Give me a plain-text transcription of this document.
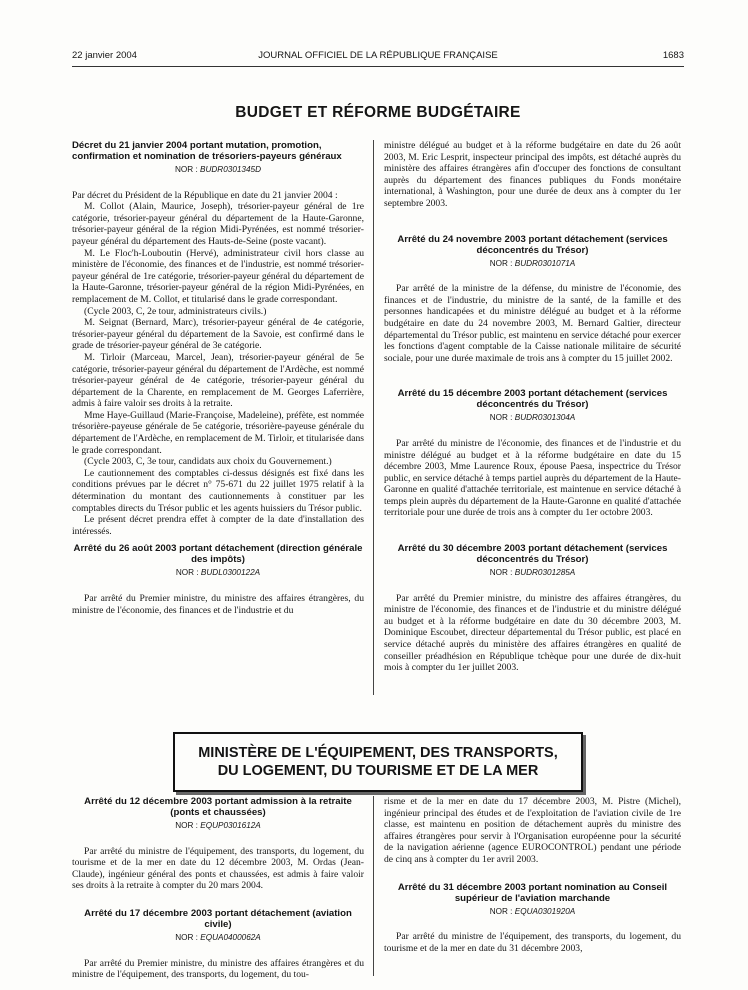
22 janvier 2004	JOURNAL OFFICIEL DE LA RÉPUBLIQUE FRANÇAISE	1683
BUDGET ET RÉFORME BUDGÉTAIRE
Décret du 21 janvier 2004 portant mutation, promotion, confirmation et nomination de trésoriers-payeurs généraux
NOR : BUDR0301345D

Par décret du Président de la République en date du 21 janvier 2004 :

M. Collot (Alain, Maurice, Joseph), trésorier-payeur général de 1re catégorie, trésorier-payeur général du département de la Haute-Garonne, trésorier-payeur général de la région Midi-Pyrénées, est nommé trésorier-payeur général du département des Hauts-de-Seine (poste vacant).

M. Le Floc'h-Louboutin (Hervé), administrateur civil hors classe au ministère de l'économie, des finances et de l'industrie, est nommé trésorier-payeur général de 1re catégorie, trésorier-payeur général du département de la Haute-Garonne, trésorier-payeur général de la région Midi-Pyrénées, en remplacement de M. Collot, et titularisé dans le grade correspondant.

(Cycle 2003, C, 2e tour, administrateurs civils.)

M. Seignat (Bernard, Marc), trésorier-payeur général de 4e catégorie, trésorier-payeur général du département de la Savoie, est confirmé dans le grade de trésorier-payeur général de 3e catégorie.

M. Tirloir (Marceau, Marcel, Jean), trésorier-payeur général de 5e catégorie, trésorier-payeur général du département de l'Ardèche, est nommé trésorier-payeur général de 4e catégorie, trésorier-payeur général du département de la Charente, en remplacement de M. Georges Laferrière, admis à faire valoir ses droits à la retraite.

Mme Haye-Guillaud (Marie-Françoise, Madeleine), préfète, est nommée trésorière-payeuse générale de 5e catégorie, trésorière-payeuse générale du département de l'Ardèche, en remplacement de M. Tirloir, et titularisée dans le grade correspondant.

(Cycle 2003, C, 3e tour, candidats aux choix du Gouvernement.)

Le cautionnement des comptables ci-dessus désignés est fixé dans les conditions prévues par le décret n° 75-671 du 22 juillet 1975 relatif à la détermination du montant des cautionnements à constituer par les comptables directs du Trésor public et les agents huissiers du Trésor public.

Le présent décret prendra effet à compter de la date d'installation des intéressés.

Arrêté du 26 août 2003 portant détachement (direction générale des impôts)
NOR : BUDL0300122A

Par arrêté du Premier ministre, du ministre des affaires étrangères, du ministre de l'économie, des finances et de l'industrie et du

ministre délégué au budget et à la réforme budgétaire en date du 26 août 2003, M. Eric Lesprit, inspecteur principal des impôts, est détaché auprès du ministère des affaires étrangères afin d'occuper des fonctions de consultant auprès du département des finances publiques du Fonds monétaire international, à Washington, pour une durée de deux ans à compter du 1er septembre 2003.

Arrêté du 24 novembre 2003 portant détachement (services déconcentrés du Trésor)
NOR : BUDR0301071A

Par arrêté de la ministre de la défense, du ministre de l'économie, des finances et de l'industrie, du ministre de la santé, de la famille et des personnes handicapées et du ministre délégué au budget et à la réforme budgétaire en date du 24 novembre 2003, M. Bernard Galtier, directeur départemental du Trésor public, est maintenu en service détaché pour exercer les fonctions d'agent comptable de la Caisse nationale militaire de sécurité sociale, pour une durée maximale de trois ans à compter du 15 juillet 2002.

Arrêté du 15 décembre 2003 portant détachement (services déconcentrés du Trésor)
NOR : BUDR0301304A

Par arrêté du ministre de l'économie, des finances et de l'industrie et du ministre délégué au budget et à la réforme budgétaire en date du 15 décembre 2003, Mme Laurence Roux, épouse Paesa, inspectrice du Trésor public, en service détaché à temps partiel auprès du département de la Haute-Garonne en qualité d'attachée territoriale, est maintenue en service détaché à temps plein auprès du département de la Haute-Garonne en qualité d'attachée territoriale pour une durée de trois ans à compter du 1er octobre 2003.

Arrêté du 30 décembre 2003 portant détachement (services déconcentrés du Trésor)
NOR : BUDR0301285A

Par arrêté du Premier ministre, du ministre des affaires étrangères, du ministre de l'économie, des finances et de l'industrie et du ministre délégué au budget et à la réforme budgétaire en date du 30 décembre 2003, M. Dominique Escoubet, directeur départemental du Trésor public, est placé en service détaché auprès du ministère des affaires étrangères en qualité de conseiller préadhésion en République tchèque pour une durée de dix-huit mois à compter du 1er juillet 2003.

MINISTÈRE DE L'ÉQUIPEMENT, DES TRANSPORTS,
DU LOGEMENT, DU TOURISME ET DE LA MER
Arrêté du 12 décembre 2003 portant admission à la retraite (ponts et chaussées)
NOR : EQUP0301612A

Par arrêté du ministre de l'équipement, des transports, du logement, du tourisme et de la mer en date du 12 décembre 2003, M. Ordas (Jean-Claude), ingénieur général des ponts et chaussées, est admis à faire valoir ses droits à la retraite à compter du 20 mars 2004.

Arrêté du 17 décembre 2003 portant détachement (aviation civile)
NOR : EQUA0400062A

Par arrêté du Premier ministre, du ministre des affaires étrangères et du ministre de l'équipement, des transports, du logement, du tou-

risme et de la mer en date du 17 décembre 2003, M. Pistre (Michel), ingénieur principal des études et de l'exploitation de l'aviation civile de 1re classe, est maintenu en position de détachement auprès du ministre des affaires étrangères pour servir à l'Organisation européenne pour la sécurité de la navigation aérienne (agence EUROCONTROL) pendant une période de cinq ans à compter du 1er avril 2003.

Arrêté du 31 décembre 2003 portant nomination au Conseil supérieur de l'aviation marchande
NOR : EQUA0301920A

Par arrêté du ministre de l'équipement, des transports, du logement, du tourisme et de la mer en date du 31 décembre 2003,
